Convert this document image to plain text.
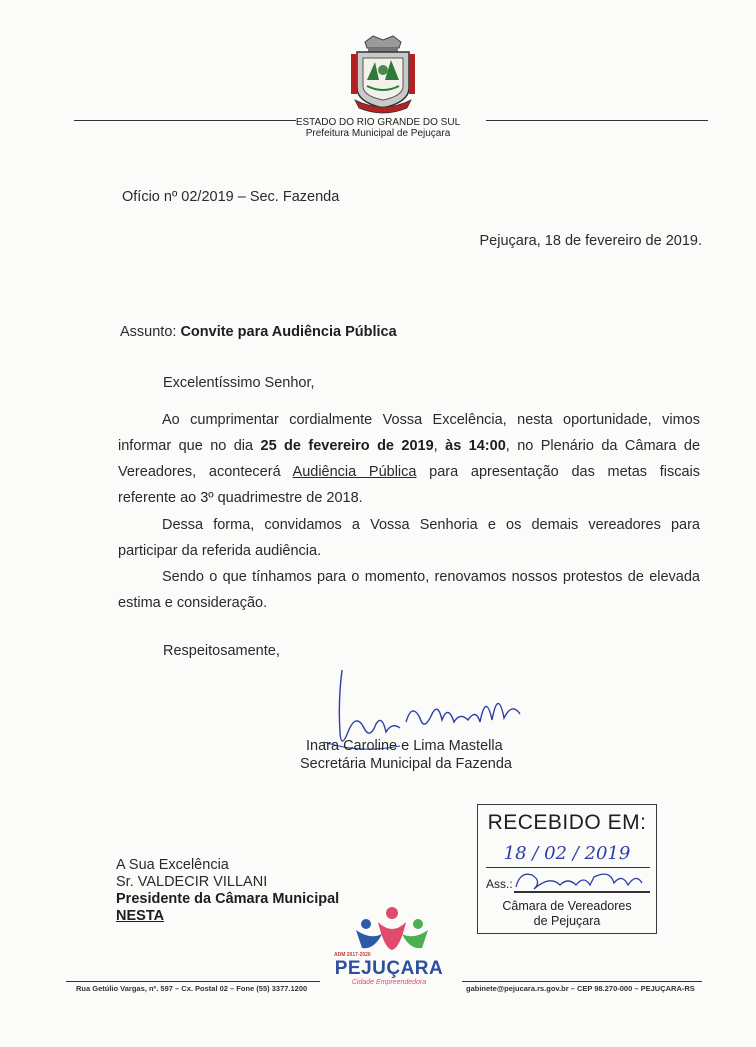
ESTADO DO RIO GRANDE DO SUL
Prefeitura Municipal de Pejuçara
Ofício nº 02/2019 – Sec. Fazenda
Pejuçara, 18 de fevereiro de 2019.
Assunto: Convite para Audiência Pública
Excelentíssimo Senhor,
Ao cumprimentar cordialmente Vossa Excelência, nesta oportunidade, vimos
informar que no dia 25 de fevereiro de 2019, às 14:00, no Plenário da Câmara de
Vereadores, acontecerá Audiência Pública para apresentação das metas fiscais
referente ao 3º quadrimestre de 2018.
Dessa forma, convidamos a Vossa Senhoria e os demais vereadores para
participar da referida audiência.
Sendo o que tínhamos para o momento, renovamos nossos protestos de elevada
estima e consideração.
Respeitosamente,
Inara Caroline e Lima Mastella
Secretária Municipal da Fazenda
A Sua Excelência
Sr. VALDECIR VILLANI
Presidente da Câmara Municipal
NESTA
RECEBIDO EM:
18 / 02 / 2019
Ass.:
Câmara de Vereadores
de Pejuçara
ADM 2017-2020
PEJUÇARA
Cidade Empreendedora
Rua Getúlio Vargas, nº. 597 – Cx. Postal 02 – Fone (55) 3377.1200	gabinete@pejucara.rs.gov.br – CEP 98.270-000 – PEJUÇARA-RS
